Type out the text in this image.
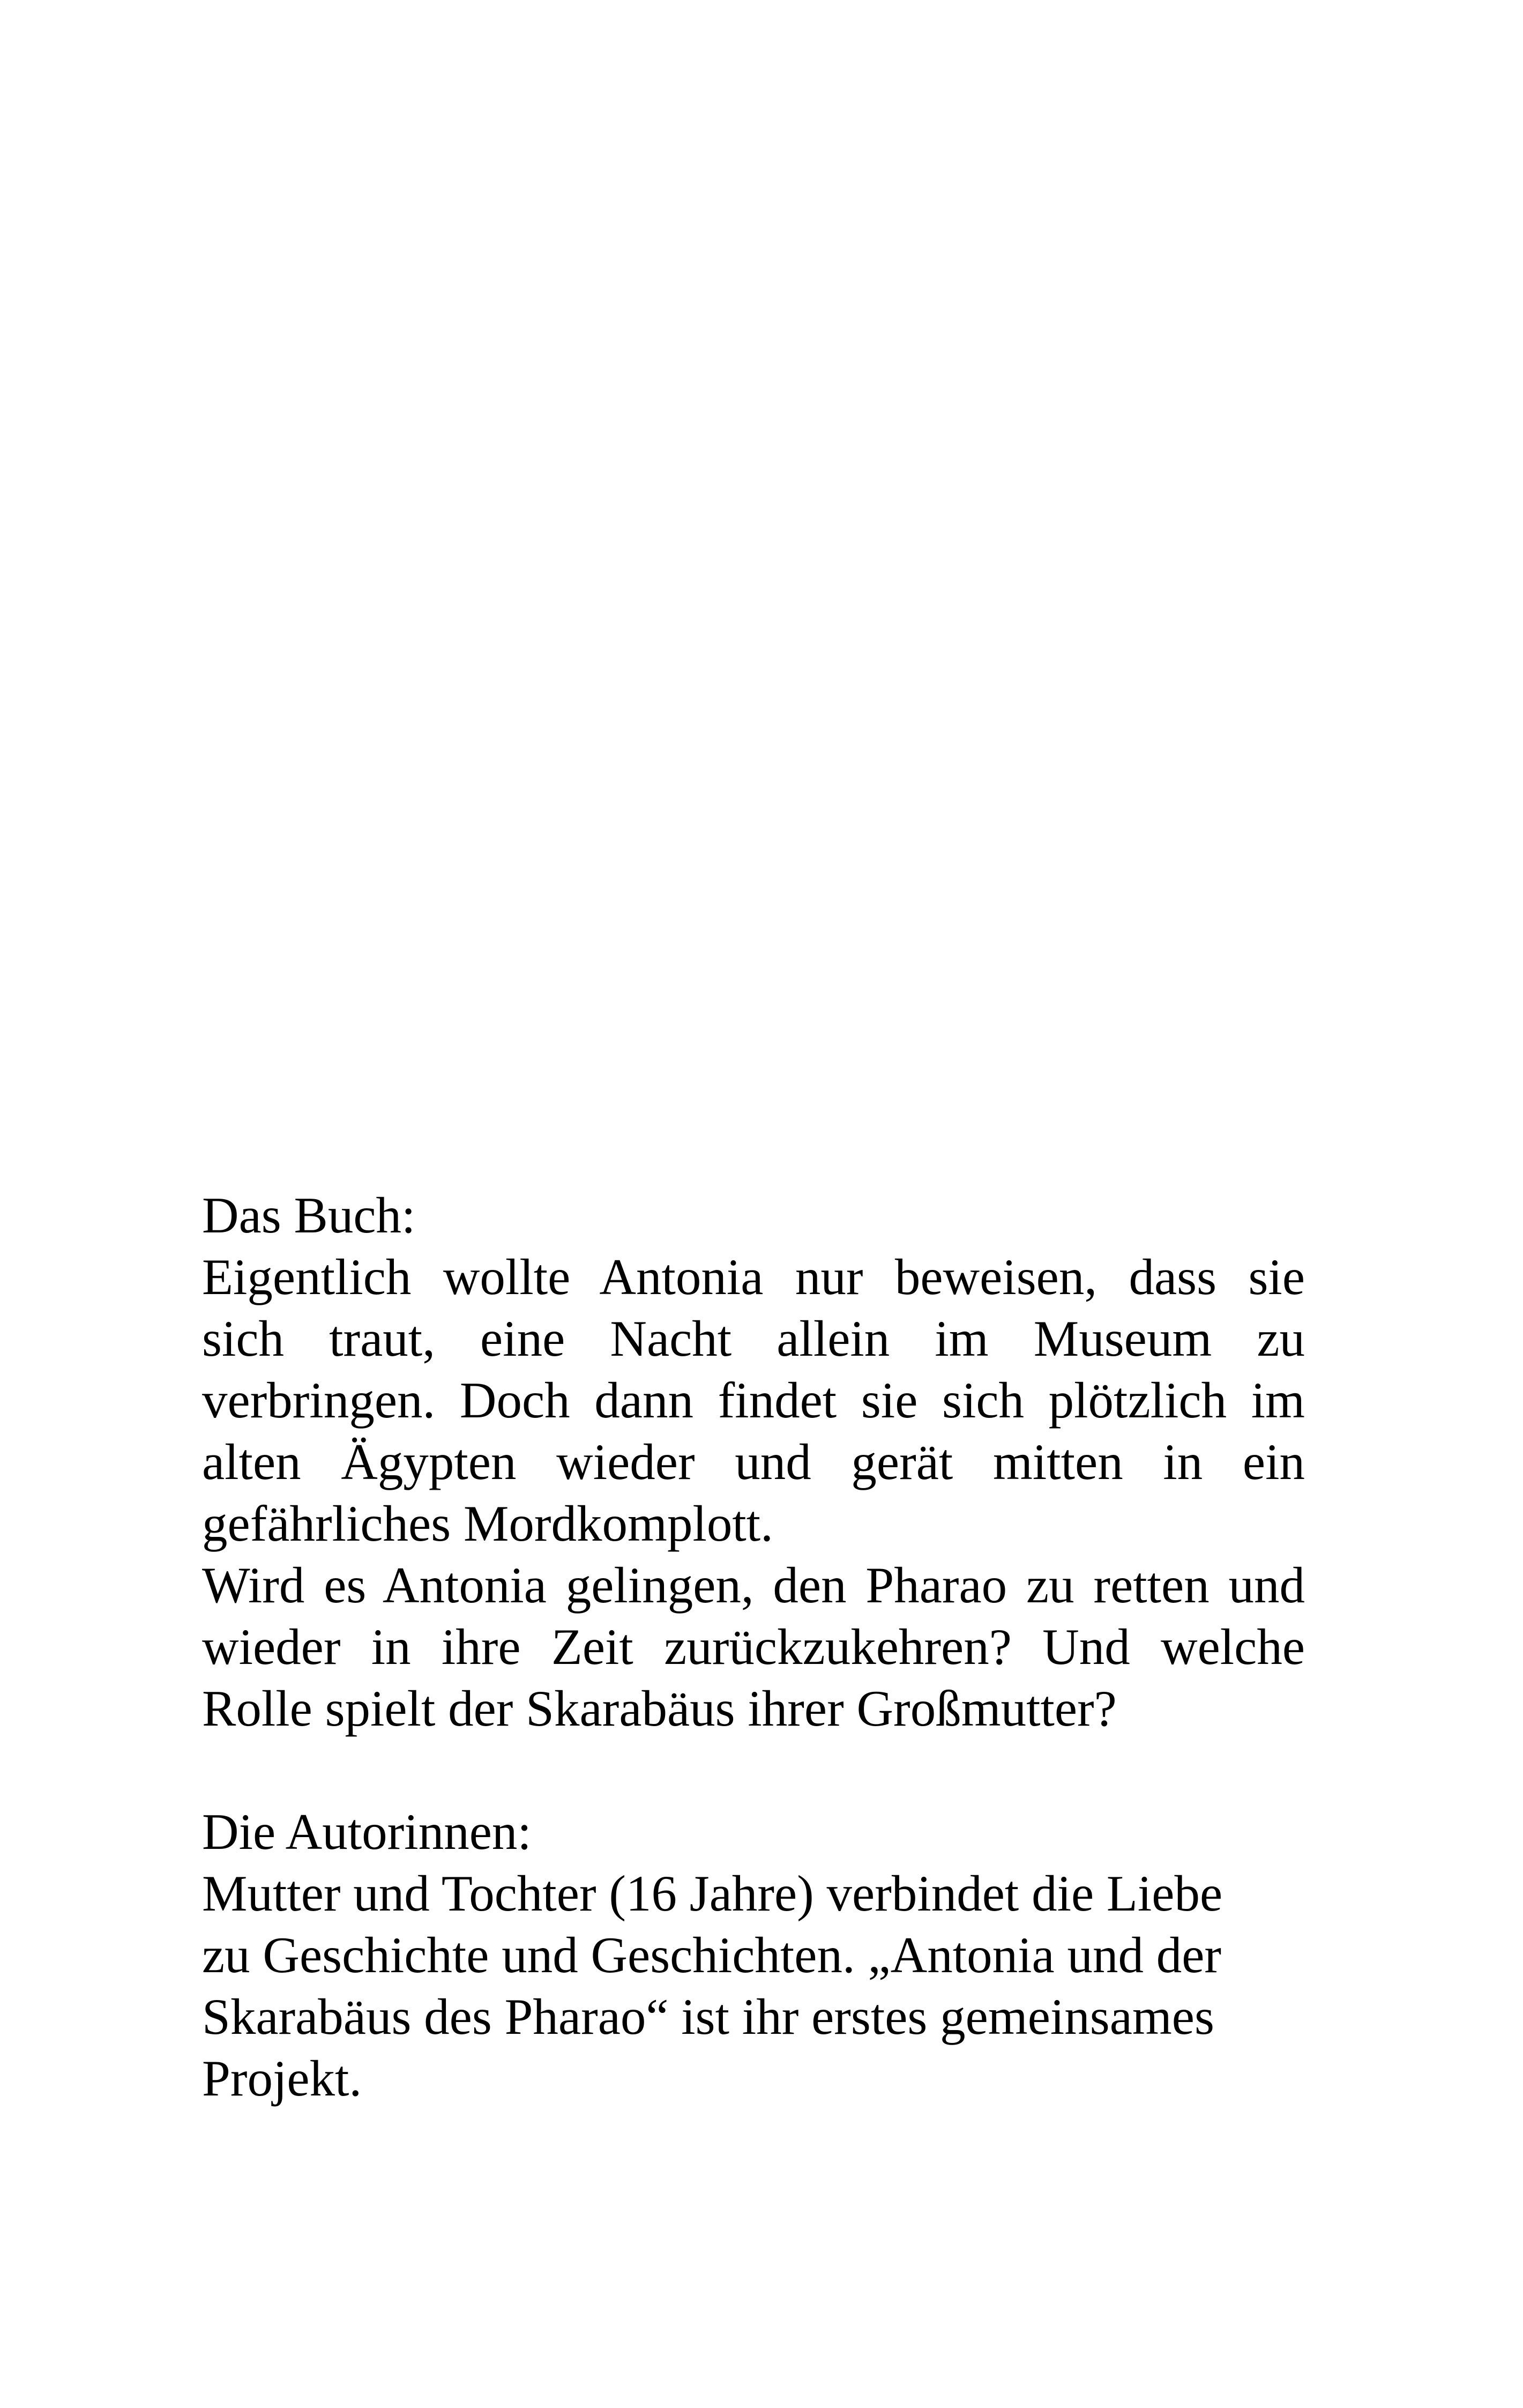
Das Buch:
Eigentlich wollte Antonia nur beweisen, dass sie
sich traut, eine Nacht allein im Museum zu
verbringen. Doch dann findet sie sich plötzlich im
alten Ägypten wieder und gerät mitten in ein
gefährliches Mordkomplott.
Wird es Antonia gelingen, den Pharao zu retten und
wieder in ihre Zeit zurückzukehren? Und welche
Rolle spielt der Skarabäus ihrer Großmutter?
Die Autorinnen:
Mutter und Tochter (16 Jahre) verbindet die Liebe
zu Geschichte und Geschichten. „Antonia und der
Skarabäus des Pharao“ ist ihr erstes gemeinsames
Projekt.
